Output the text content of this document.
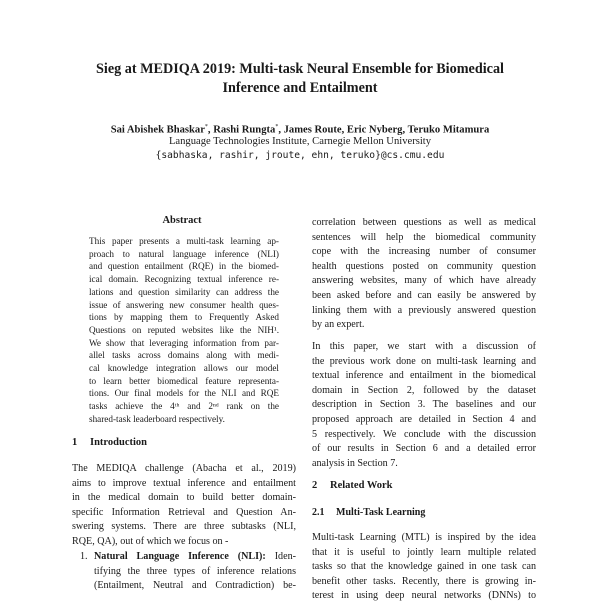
Sieg at MEDIQA 2019: Multi-task Neural Ensemble for Biomedical
Inference and Entailment
Sai Abishek Bhaskar*, Rashi Rungta*, James Route, Eric Nyberg, Teruko Mitamura
Language Technologies Institute, Carnegie Mellon University
{sabhaska, rashir, jroute, ehn, teruko}@cs.cmu.edu
Abstract
This paper presents a multi-task learning ap-
proach to natural language inference (NLI)
and question entailment (RQE) in the biomed-
ical domain. Recognizing textual inference re-
lations and question similarity can address the
issue of answering new consumer health ques-
tions by mapping them to Frequently Asked
Questions on reputed websites like the NIH¹.
We show that leveraging information from par-
allel tasks across domains along with medi-
cal knowledge integration allows our model
to learn better biomedical feature representa-
tions. Our final models for the NLI and RQE
tasks achieve the 4ᵗʰ and 2ⁿᵈ rank on the
shared-task leaderboard respectively.
1 Introduction
The MEDIQA challenge (Abacha et al., 2019)
aims to improve textual inference and entailment
in the medical domain to build better domain-
specific Information Retrieval and Question An-
swering systems. There are three subtasks (NLI,
RQE, QA), out of which we focus on -
1. Natural Language Inference (NLI): Iden-
tifying the three types of inference relations
(Entailment, Neutral and Contradiction) be-
correlation between questions as well as medical
sentences will help the biomedical community
cope with the increasing number of consumer
health questions posted on community question
answering websites, many of which have already
been asked before and can easily be answered by
linking them with a previously answered question
by an expert.
In this paper, we start with a discussion of
the previous work done on multi-task learning and
textual inference and entailment in the biomedical
domain in Section 2, followed by the dataset
description in Section 3. The baselines and our
proposed approach are detailed in Section 4 and
5 respectively. We conclude with the discussion
of our results in Section 6 and a detailed error
analysis in Section 7.
2 Related Work
2.1 Multi-Task Learning
Multi-task Learning (MTL) is inspired by the idea
that it is useful to jointly learn multiple related
tasks so that the knowledge gained in one task can
benefit other tasks. Recently, there is growing in-
terest in using deep neural networks (DNNs) to
